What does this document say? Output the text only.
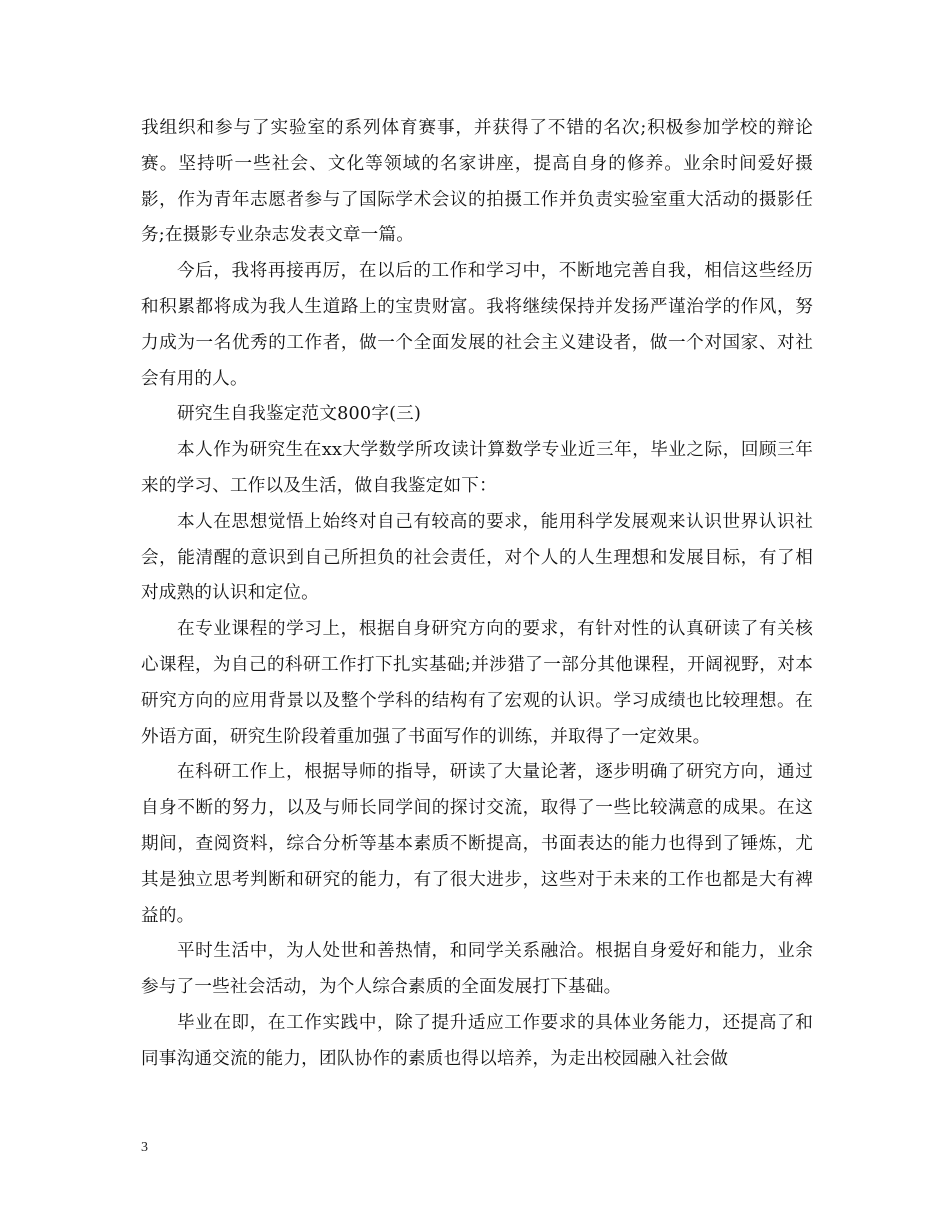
我组织和参与了实验室的系列体育赛事，并获得了不错的名次;积极参加学校的辩论赛。坚持听一些社会、文化等领域的名家讲座，提高自身的修养。业余时间爱好摄影，作为青年志愿者参与了国际学术会议的拍摄工作并负责实验室重大活动的摄影任务;在摄影专业杂志发表文章一篇。

今后，我将再接再厉，在以后的工作和学习中，不断地完善自我，相信这些经历和积累都将成为我人生道路上的宝贵财富。我将继续保持并发扬严谨治学的作风，努力成为一名优秀的工作者，做一个全面发展的社会主义建设者，做一个对国家、对社会有用的人。

研究生自我鉴定范文800字(三)

本人作为研究生在xx大学数学所攻读计算数学专业近三年，毕业之际，回顾三年来的学习、工作以及生活，做自我鉴定如下：

本人在思想觉悟上始终对自己有较高的要求，能用科学发展观来认识世界认识社会，能清醒的意识到自己所担负的社会责任，对个人的人生理想和发展目标，有了相对成熟的认识和定位。

在专业课程的学习上，根据自身研究方向的要求，有针对性的认真研读了有关核心课程，为自己的科研工作打下扎实基础;并涉猎了一部分其他课程，开阔视野，对本研究方向的应用背景以及整个学科的结构有了宏观的认识。学习成绩也比较理想。在外语方面，研究生阶段着重加强了书面写作的训练，并取得了一定效果。

在科研工作上，根据导师的指导，研读了大量论著，逐步明确了研究方向，通过自身不断的努力，以及与师长同学间的探讨交流，取得了一些比较满意的成果。在这期间，查阅资料，综合分析等基本素质不断提高，书面表达的能力也得到了锤炼，尤其是独立思考判断和研究的能力，有了很大进步，这些对于未来的工作也都是大有裨益的。

平时生活中，为人处世和善热情，和同学关系融洽。根据自身爱好和能力，业余参与了一些社会活动，为个人综合素质的全面发展打下基础。

毕业在即，在工作实践中，除了提升适应工作要求的具体业务能力，还提高了和同事沟通交流的能力，团队协作的素质也得以培养，为走出校园融入社会做

3
